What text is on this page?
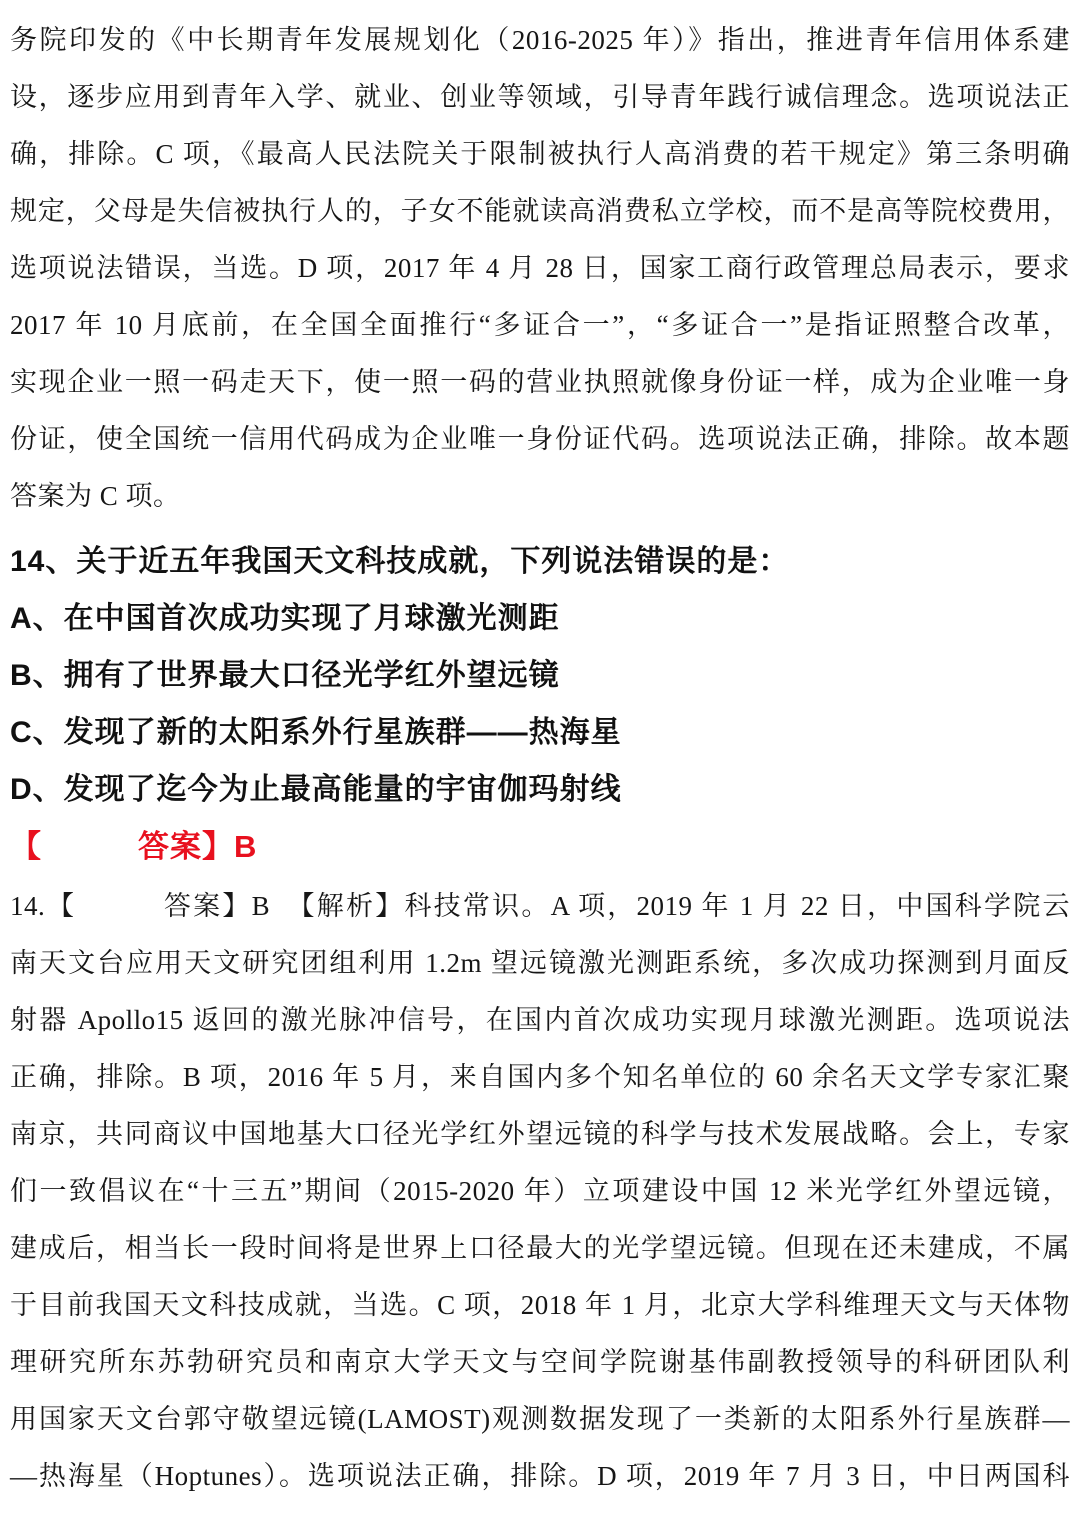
务院印发的《中长期青年发展规划化（2016-2025 年）》指出，推进青年信用体系建
设，逐步应用到青年入学、就业、创业等领域，引导青年践行诚信理念。选项说法正
确，排除。C 项，《最高人民法院关于限制被执行人高消费的若干规定》第三条明确
规定，父母是失信被执行人的，子女不能就读高消费私立学校，而不是高等院校费用，
选项说法错误，当选。D 项，2017 年 4 月 28 日，国家工商行政管理总局表示，要求
2017 年 10 月底前，在全国全面推行“多证合一”，“多证合一”是指证照整合改革，
实现企业一照一码走天下，使一照一码的营业执照就像身份证一样，成为企业唯一身
份证，使全国统一信用代码成为企业唯一身份证代码。选项说法正确，排除。故本题
答案为 C 项。
14、关于近五年我国天文科技成就，下列说法错误的是：
A、在中国首次成功实现了月球激光测距
B、拥有了世界最大口径光学红外望远镜
C、发现了新的太阳系外行星族群——热海星
D、发现了迄今为止最高能量的宇宙伽玛射线
【　　　答案】B
14.【　　　答案】B　【解析】科技常识。A 项，2019 年 1 月 22 日，中国科学院云
南天文台应用天文研究团组利用 1.2m 望远镜激光测距系统，多次成功探测到月面反
射器 Apollo15 返回的激光脉冲信号，在国内首次成功实现月球激光测距。选项说法
正确，排除。B 项，2016 年 5 月，来自国内多个知名单位的 60 余名天文学专家汇聚
南京，共同商议中国地基大口径光学红外望远镜的科学与技术发展战略。会上，专家
们一致倡议在“十三五”期间（2015-2020 年）立项建设中国 12 米光学红外望远镜，
建成后，相当长一段时间将是世界上口径最大的光学望远镜。但现在还未建成，不属
于目前我国天文科技成就，当选。C 项，2018 年 1 月，北京大学科维理天文与天体物
理研究所东苏勃研究员和南京大学天文与空间学院谢基伟副教授领导的科研团队利
用国家天文台郭守敬望远镜(LAMOST)观测数据发现了一类新的太阳系外行星族群—
—热海星（Hoptunes）。选项说法正确，排除。D 项，2019 年 7 月 3 日，中日两国科
